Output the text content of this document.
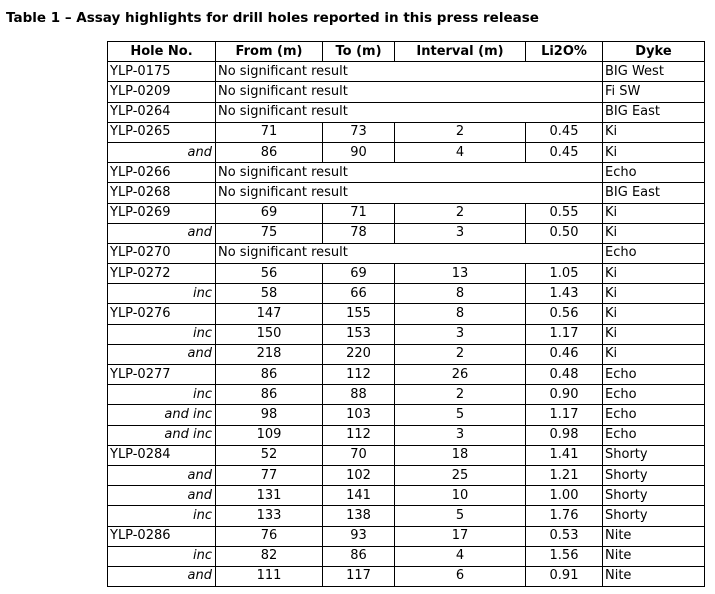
Table 1 – Assay highlights for drill holes reported in this press release
Hole No.	From (m)	To (m)	Interval (m)	Li2O%	Dyke
YLP-0175	No significant result				BIG West
YLP-0209	No significant result				Fi SW
YLP-0264	No significant result				BIG East
YLP-0265	71	73	2	0.45	Ki
and	86	90	4	0.45	Ki
YLP-0266	No significant result				Echo
YLP-0268	No significant result				BIG East
YLP-0269	69	71	2	0.55	Ki
and	75	78	3	0.50	Ki
YLP-0270	No significant result				Echo
YLP-0272	56	69	13	1.05	Ki
inc	58	66	8	1.43	Ki
YLP-0276	147	155	8	0.56	Ki
inc	150	153	3	1.17	Ki
and	218	220	2	0.46	Ki
YLP-0277	86	112	26	0.48	Echo
inc	86	88	2	0.90	Echo
and inc	98	103	5	1.17	Echo
and inc	109	112	3	0.98	Echo
YLP-0284	52	70	18	1.41	Shorty
and	77	102	25	1.21	Shorty
and	131	141	10	1.00	Shorty
inc	133	138	5	1.76	Shorty
YLP-0286	76	93	17	0.53	Nite
inc	82	86	4	1.56	Nite
and	111	117	6	0.91	Nite
